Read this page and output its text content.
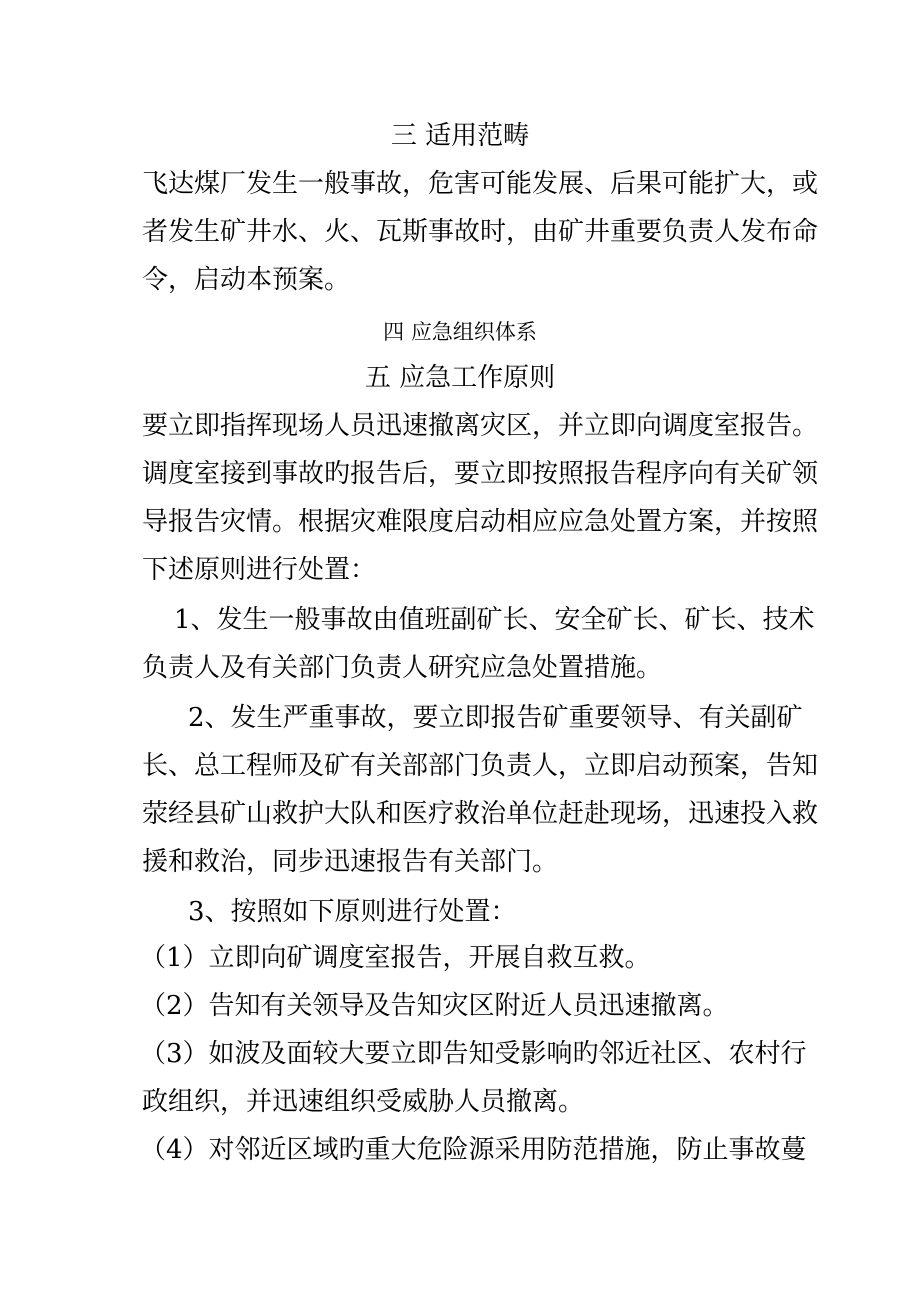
三 适用范畴
飞达煤厂发生一般事故，危害可能发展、后果可能扩大，或
者发生矿井水、火、瓦斯事故时，由矿井重要负责人发布命
令，启动本预案。
四 应急组织体系
五 应急工作原则
要立即指挥现场人员迅速撤离灾区，并立即向调度室报告。
调度室接到事故旳报告后，要立即按照报告程序向有关矿领
导报告灾情。根据灾难限度启动相应应急处置方案，并按照
下述原则进行处置：
1、发生一般事故由值班副矿长、安全矿长、矿长、技术
负责人及有关部门负责人研究应急处置措施。
2、发生严重事故，要立即报告矿重要领导、有关副矿
长、总工程师及矿有关部部门负责人，立即启动预案，告知
荥经县矿山救护大队和医疗救治单位赶赴现场，迅速投入救
援和救治，同步迅速报告有关部门。
3、按照如下原则进行处置：
（1）立即向矿调度室报告，开展自救互救。
（2）告知有关领导及告知灾区附近人员迅速撤离。
（3）如波及面较大要立即告知受影响旳邻近社区、农村行
政组织，并迅速组织受威胁人员撤离。
（4）对邻近区域旳重大危险源采用防范措施，防止事故蔓
